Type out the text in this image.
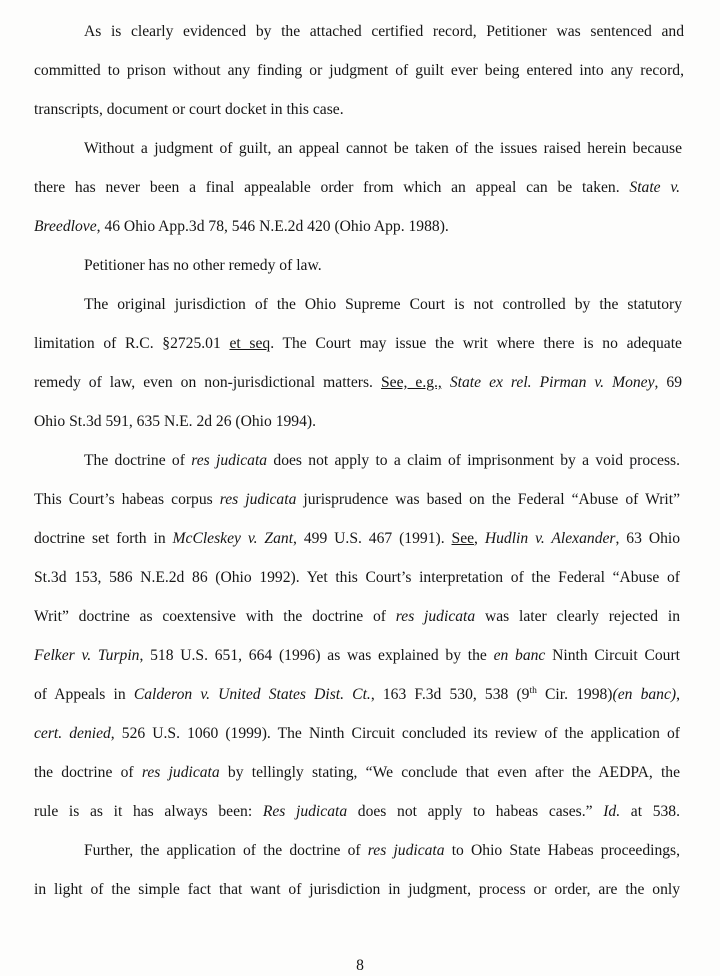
As is clearly evidenced by the attached certified record, Petitioner was sentenced and
committed to prison without any finding or judgment of guilt ever being entered into any record,
transcripts, document or court docket in this case.
Without a judgment of guilt, an appeal cannot be taken of the issues raised herein because
there has never been a final appealable order from which an appeal can be taken. State v.
Breedlove, 46 Ohio App.3d 78, 546 N.E.2d 420 (Ohio App. 1988).
Petitioner has no other remedy of law.
The original jurisdiction of the Ohio Supreme Court is not controlled by the statutory
limitation of R.C. §2725.01 et seq. The Court may issue the writ where there is no adequate
remedy of law, even on non-jurisdictional matters. See, e.g., State ex rel. Pirman v. Money, 69
Ohio St.3d 591, 635 N.E. 2d 26 (Ohio 1994).
The doctrine of res judicata does not apply to a claim of imprisonment by a void process.
This Court’s habeas corpus res judicata jurisprudence was based on the Federal “Abuse of Writ”
doctrine set forth in McCleskey v. Zant, 499 U.S. 467 (1991). See, Hudlin v. Alexander, 63 Ohio
St.3d 153, 586 N.E.2d 86 (Ohio 1992). Yet this Court’s interpretation of the Federal “Abuse of
Writ” doctrine as coextensive with the doctrine of res judicata was later clearly rejected in
Felker v. Turpin, 518 U.S. 651, 664 (1996) as was explained by the en banc Ninth Circuit Court
of Appeals in Calderon v. United States Dist. Ct., 163 F.3d 530, 538 (9th Cir. 1998)(en banc),
cert. denied, 526 U.S. 1060 (1999). The Ninth Circuit concluded its review of the application of
the doctrine of res judicata by tellingly stating, “We conclude that even after the AEDPA, the
rule is as it has always been: Res judicata does not apply to habeas cases.” Id. at 538.
Further, the application of the doctrine of res judicata to Ohio State Habeas proceedings,
in light of the simple fact that want of jurisdiction in judgment, process or order, are the only
8
